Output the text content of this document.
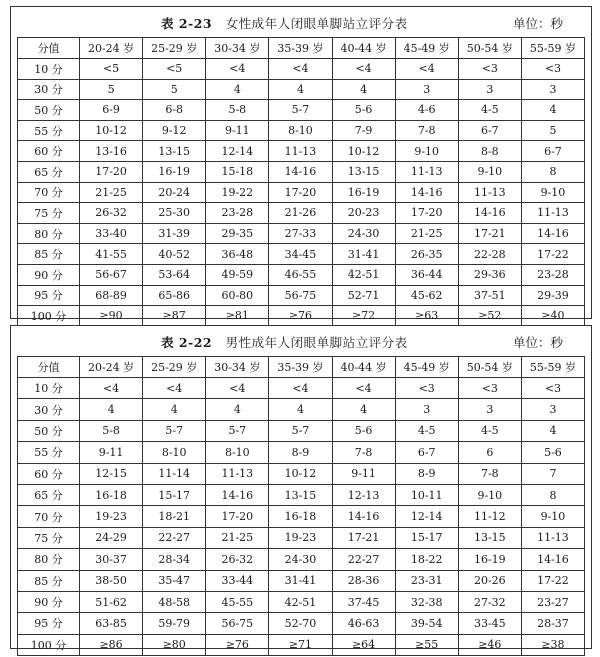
表 2-23 女性成年人闭眼单脚站立评分表	单位：秒
分值	20-24 岁	25-29 岁	30-34 岁	35-39 岁	40-44 岁	45-49 岁	50-54 岁	55-59 岁
10 分	<5	<5	<4	<4	<4	<4	<3	<3
30 分	5	5	4	4	4	3	3	3
50 分	6-9	6-8	5-8	5-7	5-6	4-6	4-5	4
55 分	10-12	9-12	9-11	8-10	7-9	7-8	6-7	5
60 分	13-16	13-15	12-14	11-13	10-12	9-10	8-8	6-7
65 分	17-20	16-19	15-18	14-16	13-15	11-13	9-10	8
70 分	21-25	20-24	19-22	17-20	16-19	14-16	11-13	9-10
75 分	26-32	25-30	23-28	21-26	20-23	17-20	14-16	11-13
80 分	33-40	31-39	29-35	27-33	24-30	21-25	17-21	14-16
85 分	41-55	40-52	36-48	34-45	31-41	26-35	22-28	17-22
90 分	56-67	53-64	49-59	46-55	42-51	36-44	29-36	23-28
95 分	68-89	65-86	60-80	56-75	52-71	45-62	37-51	29-39
100 分	≥90	≥87	≥81	≥76	≥72	≥63	≥52	≥40
表 2-22 男性成年人闭眼单脚站立评分表	单位：秒
分值	20-24 岁	25-29 岁	30-34 岁	35-39 岁	40-44 岁	45-49 岁	50-54 岁	55-59 岁
10 分	<4	<4	<4	<4	<4	<3	<3	<3
30 分	4	4	4	4	4	3	3	3
50 分	5-8	5-7	5-7	5-7	5-6	4-5	4-5	4
55 分	9-11	8-10	8-10	8-9	7-8	6-7	6	5-6
60 分	12-15	11-14	11-13	10-12	9-11	8-9	7-8	7
65 分	16-18	15-17	14-16	13-15	12-13	10-11	9-10	8
70 分	19-23	18-21	17-20	16-18	14-16	12-14	11-12	9-10
75 分	24-29	22-27	21-25	19-23	17-21	15-17	13-15	11-13
80 分	30-37	28-34	26-32	24-30	22-27	18-22	16-19	14-16
85 分	38-50	35-47	33-44	31-41	28-36	23-31	20-26	17-22
90 分	51-62	48-58	45-55	42-51	37-45	32-38	27-32	23-27
95 分	63-85	59-79	56-75	52-70	46-63	39-54	33-45	28-37
100 分	≥86	≥80	≥76	≥71	≥64	≥55	≥46	≥38
